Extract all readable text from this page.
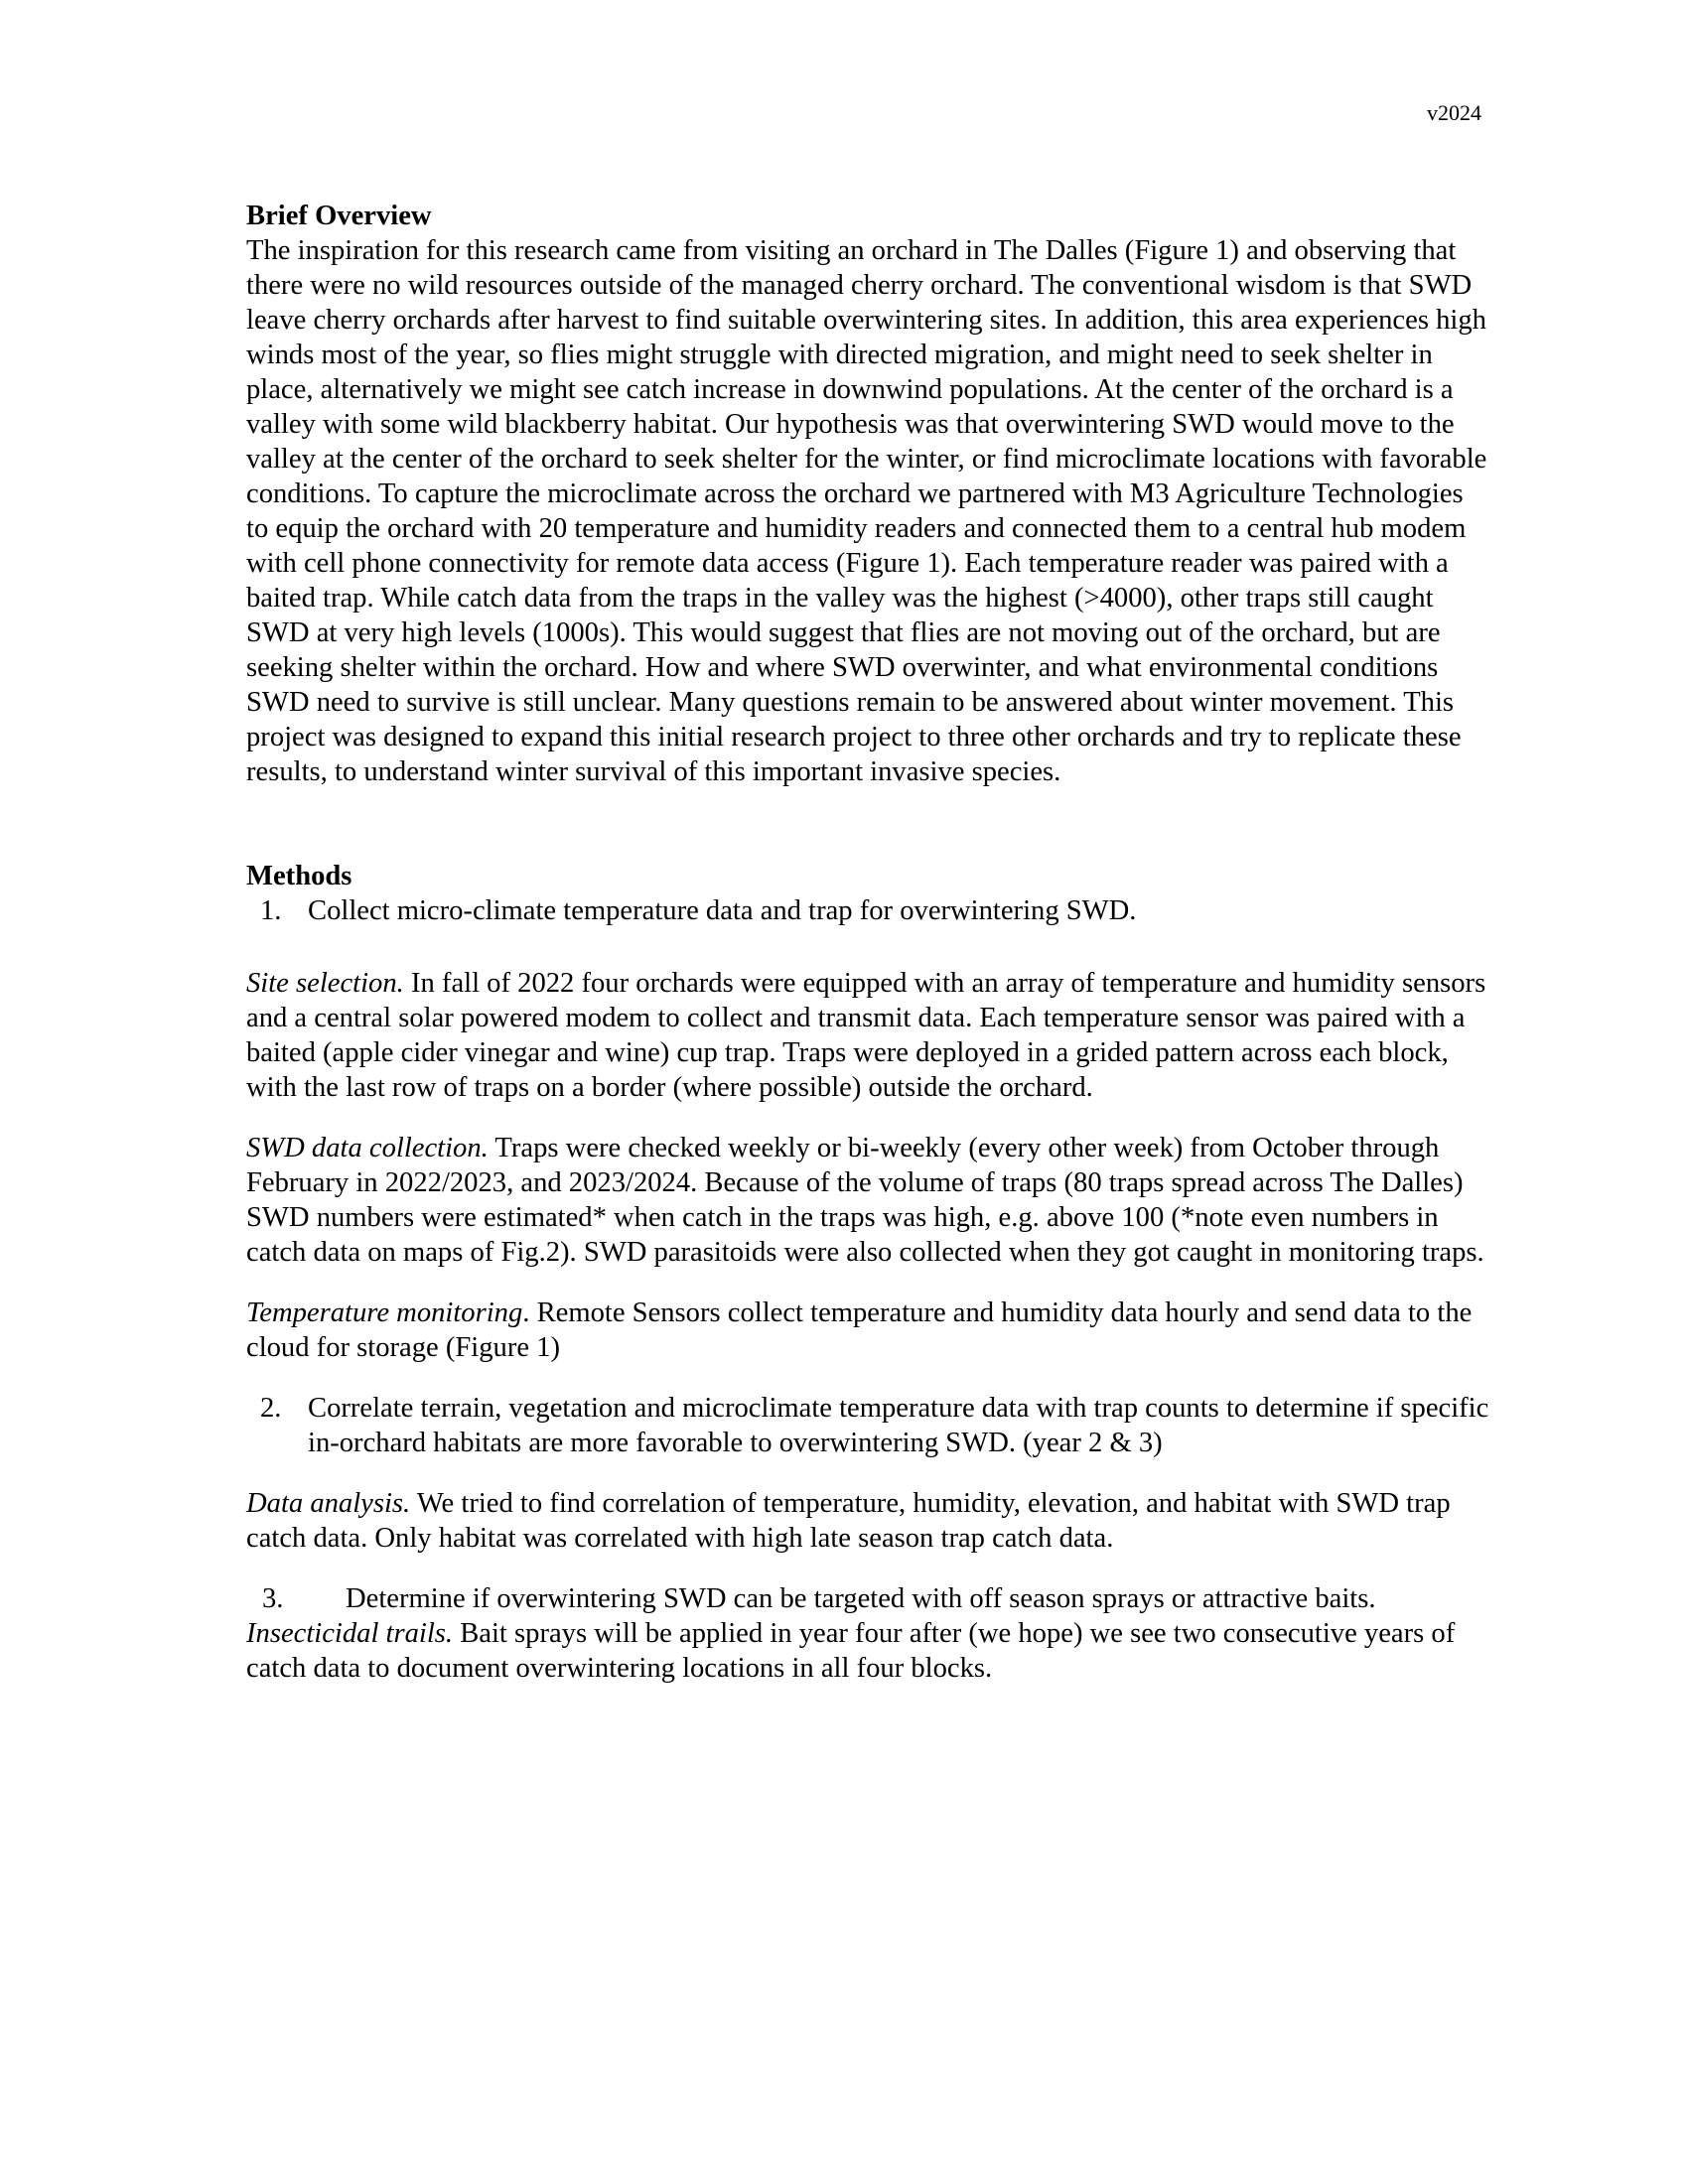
v2024

Brief Overview

The inspiration for this research came from visiting an orchard in The Dalles (Figure 1) and observing that there were no wild resources outside of the managed cherry orchard. The conventional wisdom is that SWD leave cherry orchards after harvest to find suitable overwintering sites. In addition, this area experiences high winds most of the year, so flies might struggle with directed migration, and might need to seek shelter in place, alternatively we might see catch increase in downwind populations. At the center of the orchard is a valley with some wild blackberry habitat. Our hypothesis was that overwintering SWD would move to the valley at the center of the orchard to seek shelter for the winter, or find microclimate locations with favorable conditions. To capture the microclimate across the orchard we partnered with M3 Agriculture Technologies to equip the orchard with 20 temperature and humidity readers and connected them to a central hub modem with cell phone connectivity for remote data access (Figure 1). Each temperature reader was paired with a baited trap. While catch data from the traps in the valley was the highest (>4000), other traps still caught SWD at very high levels (1000s). This would suggest that flies are not moving out of the orchard, but are seeking shelter within the orchard. How and where SWD overwinter, and what environmental conditions SWD need to survive is still unclear. Many questions remain to be answered about winter movement. This project was designed to expand this initial research project to three other orchards and try to replicate these results, to understand winter survival of this important invasive species.

Methods

1. Collect micro-climate temperature data and trap for overwintering SWD.

Site selection. In fall of 2022 four orchards were equipped with an array of temperature and humidity sensors and a central solar powered modem to collect and transmit data. Each temperature sensor was paired with a baited (apple cider vinegar and wine) cup trap. Traps were deployed in a grided pattern across each block, with the last row of traps on a border (where possible) outside the orchard.

SWD data collection. Traps were checked weekly or bi-weekly (every other week) from October through February in 2022/2023, and 2023/2024. Because of the volume of traps (80 traps spread across The Dalles) SWD numbers were estimated* when catch in the traps was high, e.g. above 100 (*note even numbers in catch data on maps of Fig.2). SWD parasitoids were also collected when they got caught in monitoring traps.

Temperature monitoring. Remote Sensors collect temperature and humidity data hourly and send data to the cloud for storage (Figure 1)

2. Correlate terrain, vegetation and microclimate temperature data with trap counts to determine if specific in-orchard habitats are more favorable to overwintering SWD. (year 2 & 3)

Data analysis. We tried to find correlation of temperature, humidity, elevation, and habitat with SWD trap catch data. Only habitat was correlated with high late season trap catch data.

3.	Determine if overwintering SWD can be targeted with off season sprays or attractive baits.

Insecticidal trails. Bait sprays will be applied in year four after (we hope) we see two consecutive years of catch data to document overwintering locations in all four blocks.
